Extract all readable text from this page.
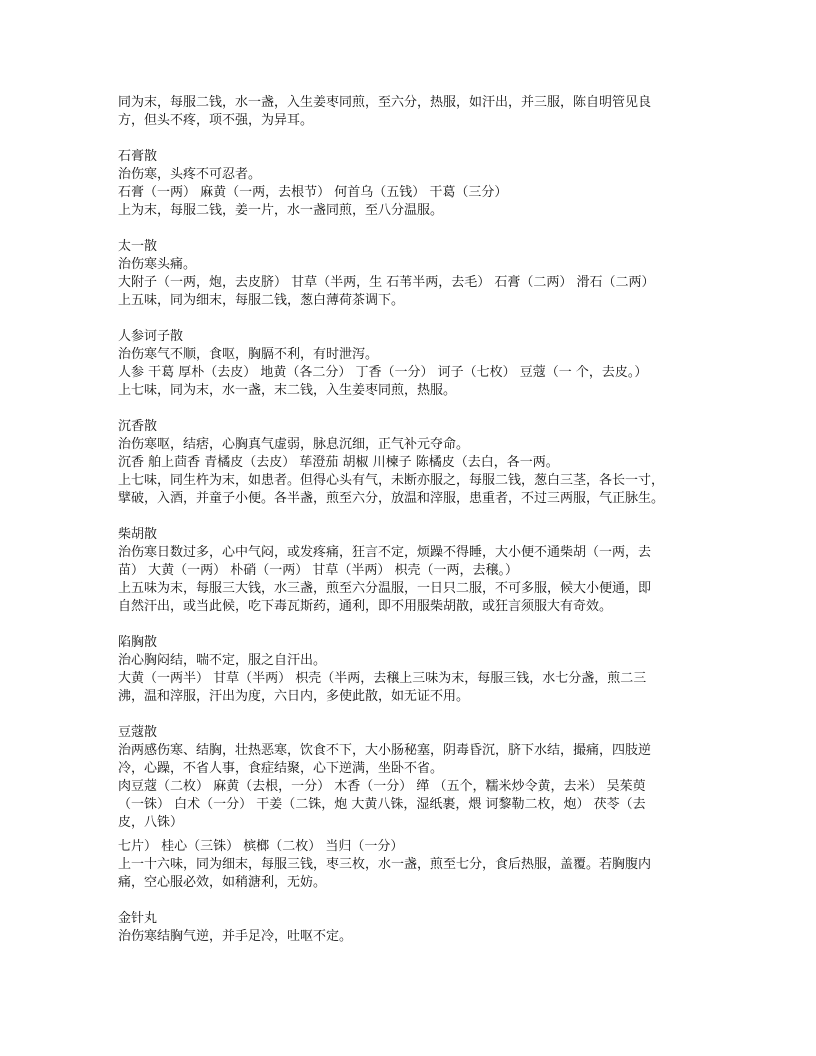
同为末，每服二钱，水一盏，入生姜枣同煎，至六分，热服，如汗出，并三服，陈自明管见良
方，但头不疼，项不强，为异耳。
石膏散
治伤寒，头疼不可忍者。
石膏（一两） 麻黄（一两，去根节） 何首乌（五钱） 干葛（三分）
上为末，每服二钱，姜一片，水一盏同煎，至八分温服。
太一散
治伤寒头痛。
大附子（一两，炮，去皮脐） 甘草（半两，生 石苇半两，去毛） 石膏（二两） 滑石（二两）
上五味，同为细末，每服二钱，葱白薄荷茶调下。
人参诃子散
治伤寒气不顺，食呕，胸膈不利，有时泄泻。
人参 干葛 厚朴（去皮） 地黄（各二分） 丁香（一分） 诃子（七枚） 豆蔻（一 个，去皮。）
上七味，同为末，水一盏，末二钱，入生姜枣同煎，热服。
沉香散
治伤寒呕，结痞，心胸真气虚弱，脉息沉细，正气补元夺命。
沉香 舶上茴香 青橘皮（去皮） 荜澄茄 胡椒 川楝子 陈橘皮（去白，各一两。
上七味，同生杵为末，如患者。但得心头有气，未断亦服之，每服二钱，葱白三茎，各长一寸，
擘破，入酒，并童子小便。各半盏，煎至六分，放温和滓服，患重者，不过三两服，气正脉生。
柴胡散
治伤寒日数过多，心中气闷，或发疼痛，狂言不定，烦躁不得睡，大小便不通柴胡（一两，去
苗） 大黄（一两） 朴硝（一两） 甘草（半两） 枳壳（一两，去穣。）
上五味为末，每服三大钱，水三盏，煎至六分温服，一日只二服，不可多服，候大小便通，即
自然汗出，或当此候，吃下毒瓦斯药，通利，即不用服柴胡散，或狂言须服大有奇效。
陷胸散
治心胸闷结，喘不定，服之自汗出。
大黄（一两半） 甘草（半两） 枳壳（半两，去穣上三味为末，每服三钱，水七分盏，煎二三
沸，温和滓服，汗出为度，六日内，多使此散，如无证不用。
豆蔻散
治两感伤寒、结胸，壮热恶寒，饮食不下，大小肠秘塞，阴毒昏沉，脐下水结，撮痛，四肢逆
冷，心躁，不省人事，食症结聚，心下逆满，坐卧不省。
肉豆蔻（二枚） 麻黄（去根，一分） 木香（一分） 缂 （五个，糯米炒令黄，去米） 吴茱萸
（一铢） 白术（一分） 干姜（二铢，炮 大黄八铢，湿纸裹，煨 诃黎勒二枚，炮） 茯苓（去
皮，八铢）
七片） 桂心（三铢） 槟榔（二枚） 当归（一分）
上一十六味，同为细末，每服三钱，枣三枚，水一盏，煎至七分，食后热服，盖覆。若胸腹内
痛，空心服必效，如稍溏利，无妨。
金针丸
治伤寒结胸气逆，并手足冷，吐呕不定。
